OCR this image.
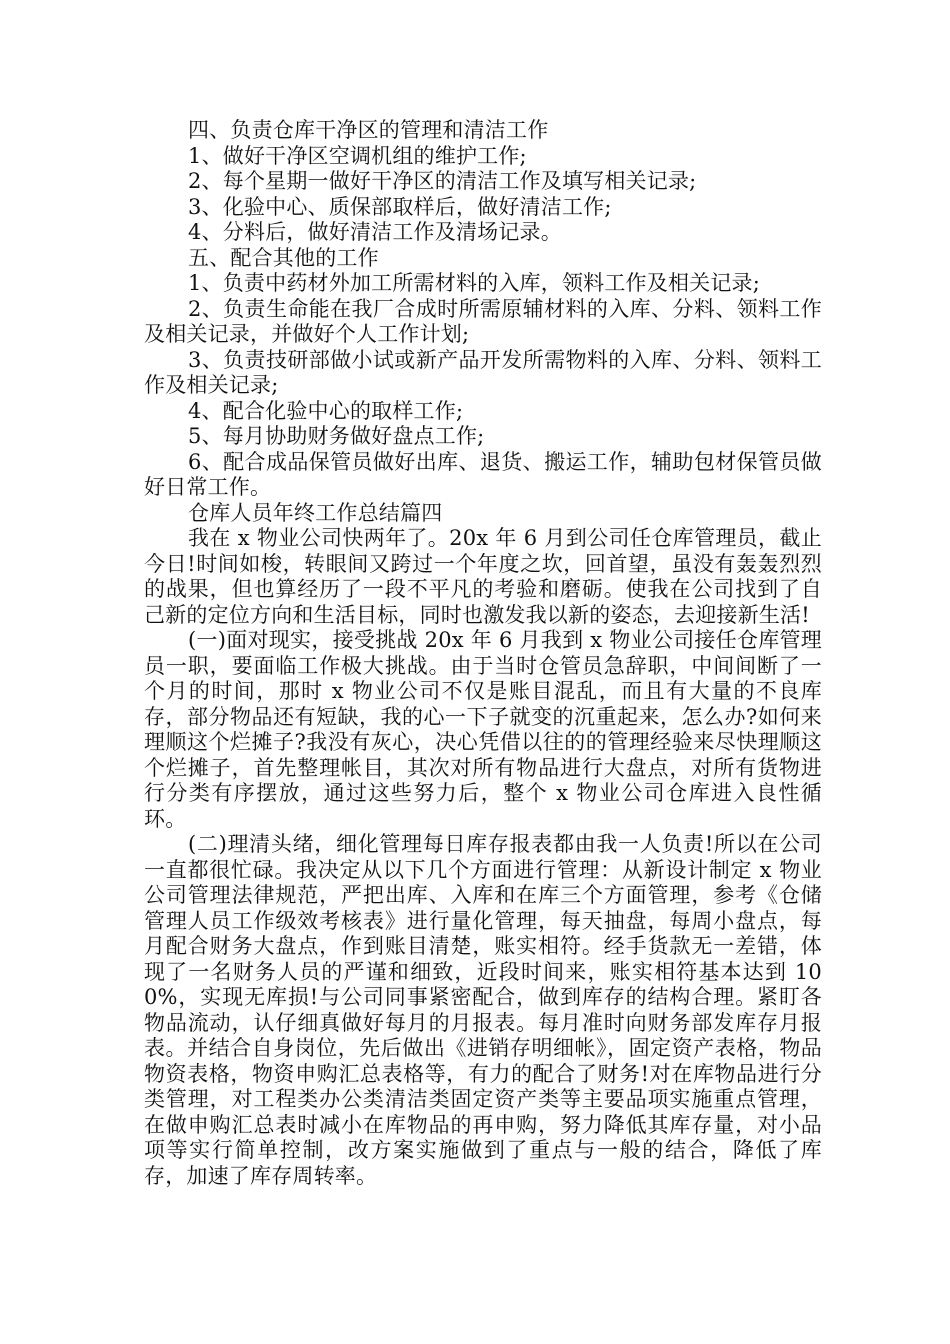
四、负责仓库干净区的管理和清洁工作

1、做好干净区空调机组的维护工作;

2、每个星期一做好干净区的清洁工作及填写相关记录;

3、化验中心、质保部取样后，做好清洁工作;

4、分料后，做好清洁工作及清场记录。

五、配合其他的工作

1、负责中药材外加工所需材料的入库，领料工作及相关记录;

2、负责生命能在我厂合成时所需原辅材料的入库、分料、领料工作及相关记录，并做好个人工作计划;

3、负责技研部做小试或新产品开发所需物料的入库、分料、领料工作及相关记录;

4、配合化验中心的取样工作;

5、每月协助财务做好盘点工作;

6、配合成品保管员做好出库、退货、搬运工作，辅助包材保管员做好日常工作。

仓库人员年终工作总结篇四

我在 x 物业公司快两年了。20x 年 6 月到公司任仓库管理员，截止今日!时间如梭，转眼间又跨过一个年度之坎，回首望，虽没有轰轰烈烈的战果，但也算经历了一段不平凡的考验和磨砺。使我在公司找到了自己新的定位方向和生活目标，同时也激发我以新的姿态，去迎接新生活!

(一)面对现实，接受挑战 20x 年 6 月我到 x 物业公司接任仓库管理员一职，要面临工作极大挑战。由于当时仓管员急辞职，中间间断了一个月的时间，那时 x 物业公司不仅是账目混乱，而且有大量的不良库存，部分物品还有短缺，我的心一下子就变的沉重起来，怎么办?如何来理顺这个烂摊子?我没有灰心，决心凭借以往的的管理经验来尽快理顺这个烂摊子，首先整理帐目，其次对所有物品进行大盘点，对所有货物进行分类有序摆放，通过这些努力后，整个 x 物业公司仓库进入良性循环。

(二)理清头绪，细化管理每日库存报表都由我一人负责!所以在公司一直都很忙碌。我决定从以下几个方面进行管理：从新设计制定 x 物业公司管理法律规范，严把出库、入库和在库三个方面管理，参考《仓储管理人员工作级效考核表》进行量化管理，每天抽盘，每周小盘点，每月配合财务大盘点，作到账目清楚，账实相符。经手货款无一差错，体现了一名财务人员的严谨和细致，近段时间来，账实相符基本达到 100%，实现无库损!与公司同事紧密配合，做到库存的结构合理。紧盯各物品流动，认仔细真做好每月的月报表。每月准时向财务部发库存月报表。并结合自身岗位，先后做出《进销存明细帐》，固定资产表格，物品物资表格，物资申购汇总表格等，有力的配合了财务!对在库物品进行分类管理，对工程类办公类清洁类固定资产类等主要品项实施重点管理，在做申购汇总表时减小在库物品的再申购，努力降低其库存量，对小品项等实行简单控制，改方案实施做到了重点与一般的结合，降低了库存，加速了库存周转率。
